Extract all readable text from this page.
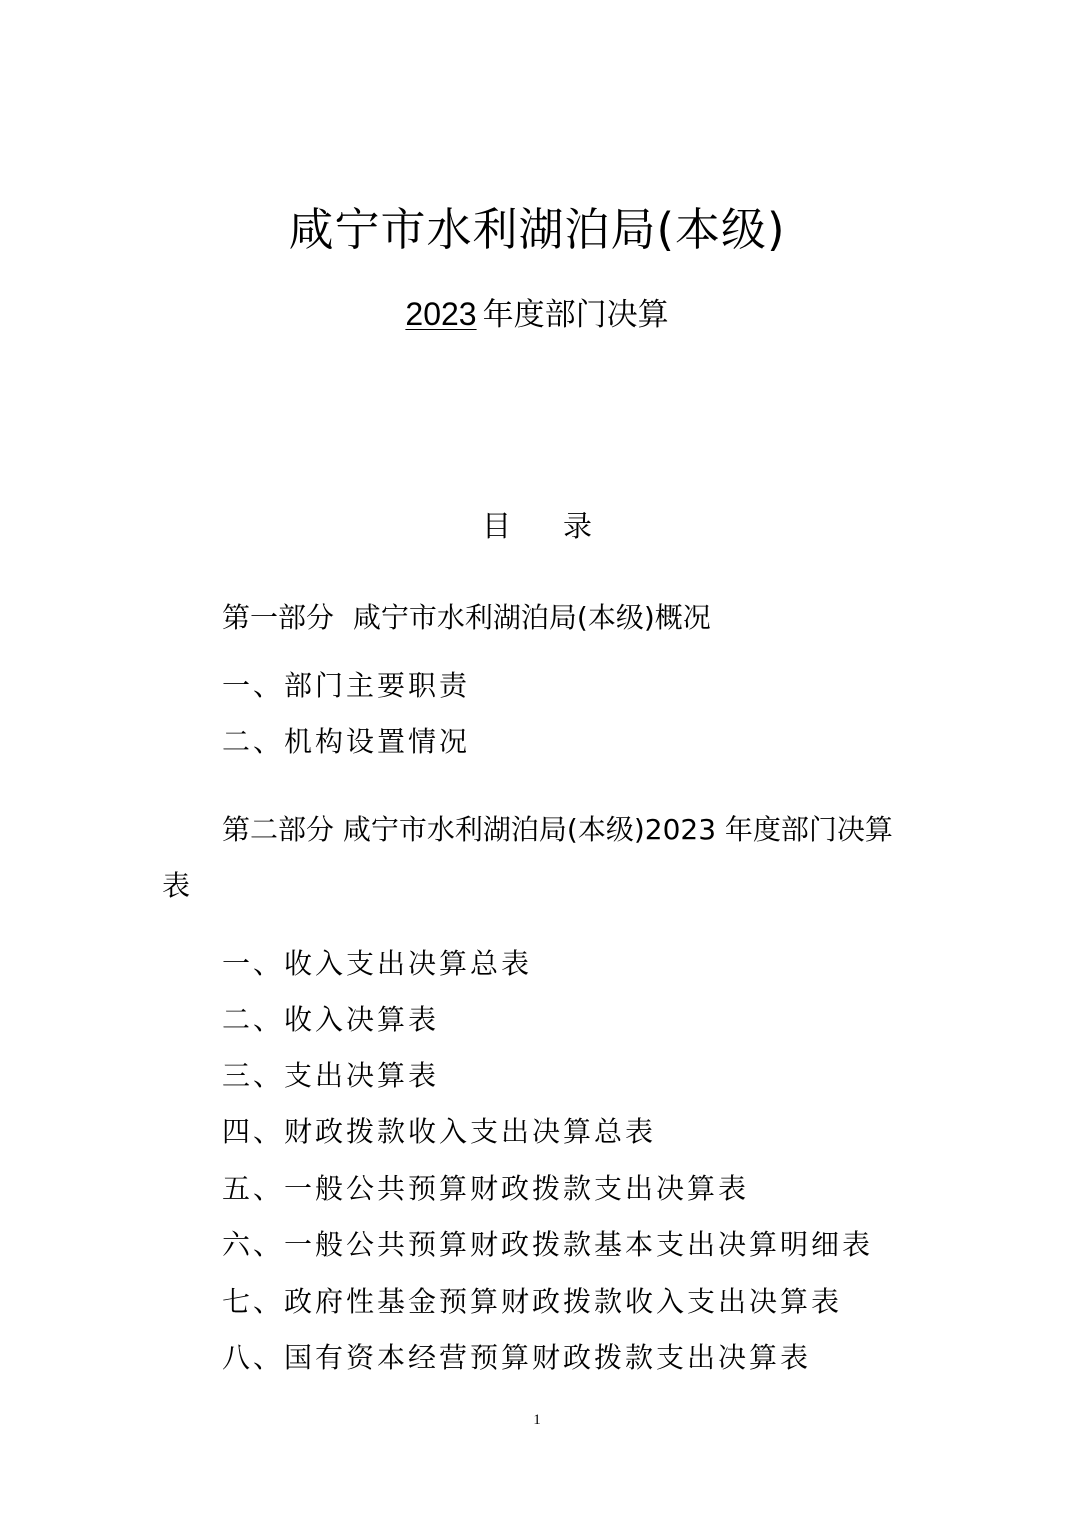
咸宁市水利湖泊局(本级)
2023 年度部门决算
目录
第一部分 咸宁市水利湖泊局(本级)概况
一、部门主要职责
二、机构设置情况
第二部分 咸宁市水利湖泊局(本级)2023 年度部门决算
表
一、收入支出决算总表
二、收入决算表
三、支出决算表
四、财政拨款收入支出决算总表
五、一般公共预算财政拨款支出决算表
六、一般公共预算财政拨款基本支出决算明细表
七、政府性基金预算财政拨款收入支出决算表
八、国有资本经营预算财政拨款支出决算表
1
